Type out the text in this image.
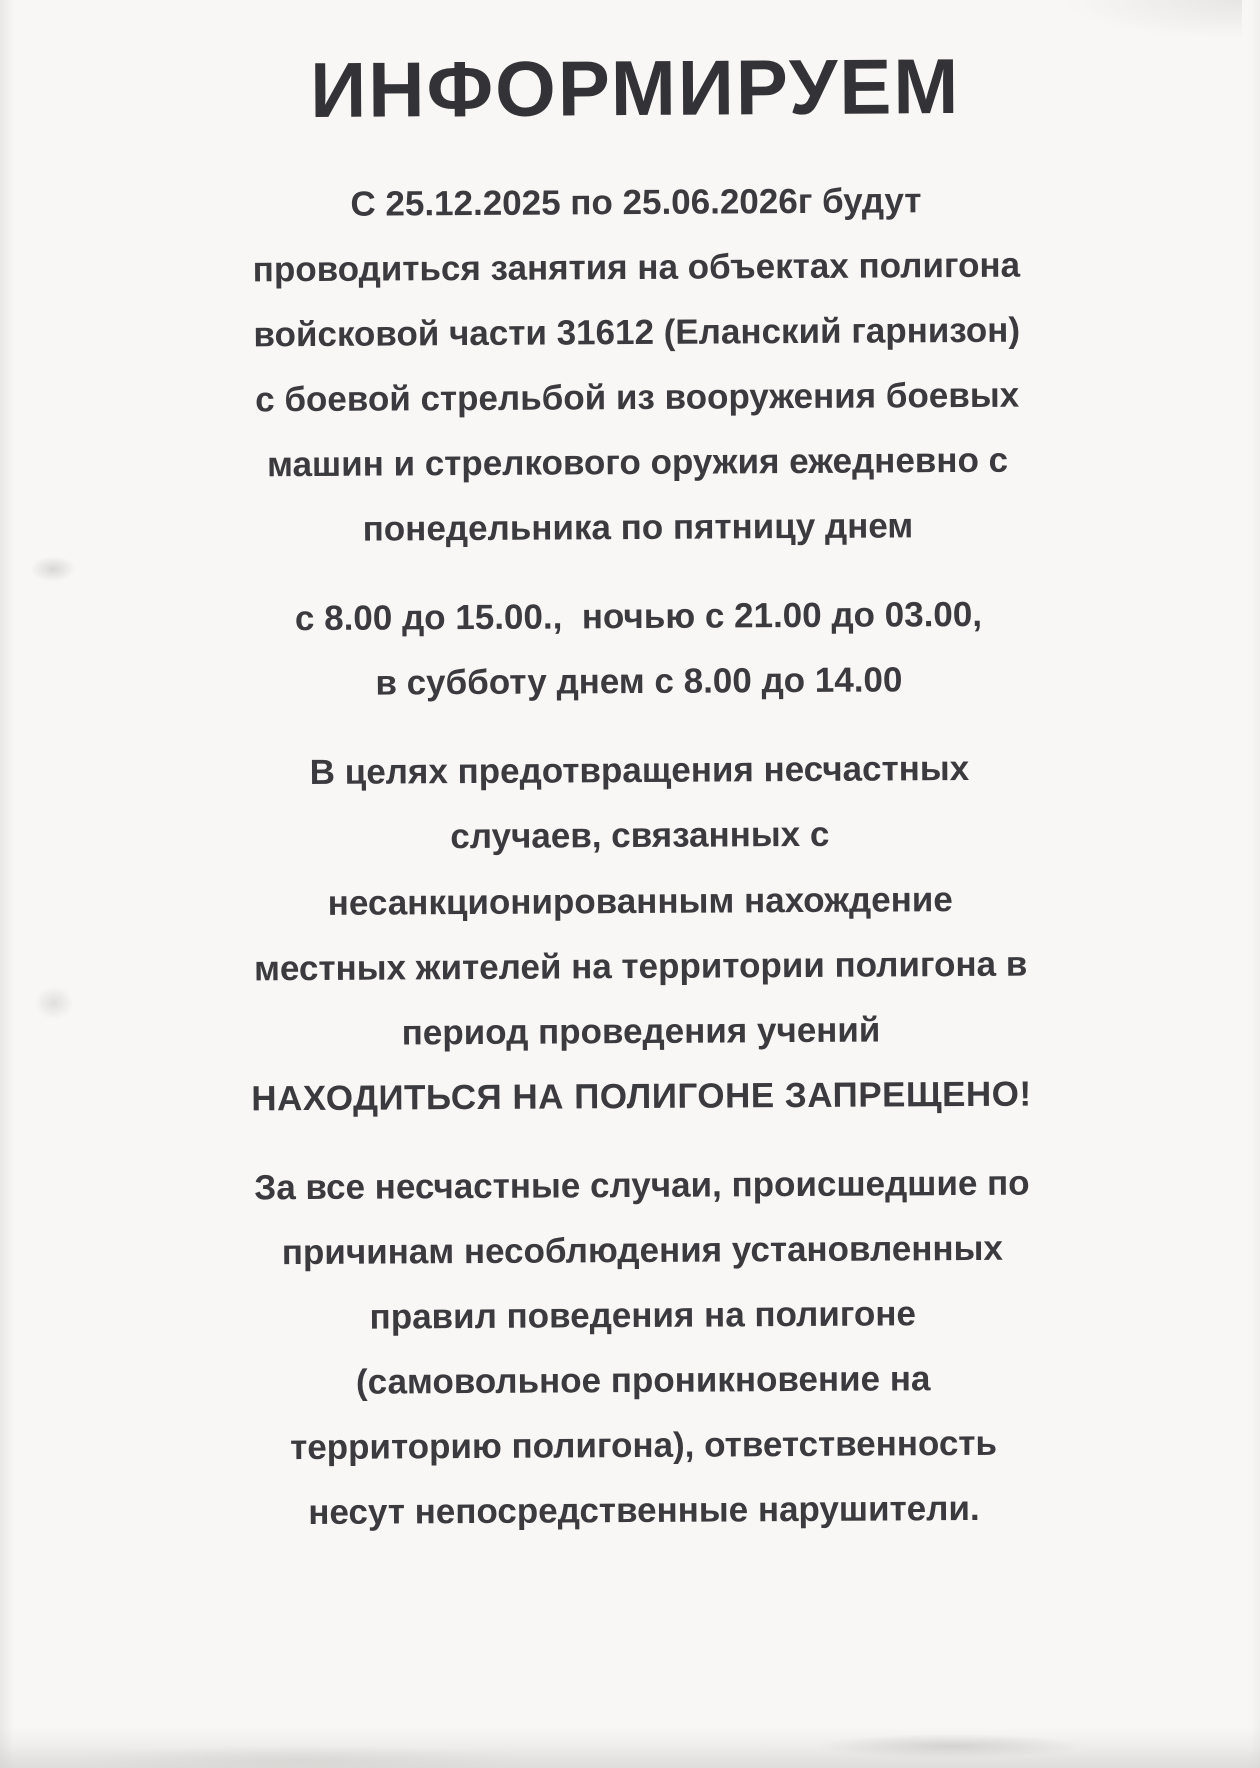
ИНФОРМИРУЕМ

С 25.12.2025 по 25.06.2026г будут
проводиться занятия на объектах полигона
войсковой части 31612 (Еланский гарнизон)
с боевой стрельбой из вооружения боевых
машин и стрелкового оружия ежедневно с
понедельника по пятницу днем

с 8.00 до 15.00.,  ночью с 21.00 до 03.00,
в субботу днем с 8.00 до 14.00

В целях предотвращения несчастных
случаев, связанных с
несанкционированным нахождение
местных жителей на территории полигона в
период проведения учений

НАХОДИТЬСЯ НА ПОЛИГОНЕ ЗАПРЕЩЕНО!

За все несчастные случаи, происшедшие по
причинам несоблюдения установленных
правил поведения на полигоне
(самовольное проникновение на
территорию полигона), ответственность
несут непосредственные нарушители.
